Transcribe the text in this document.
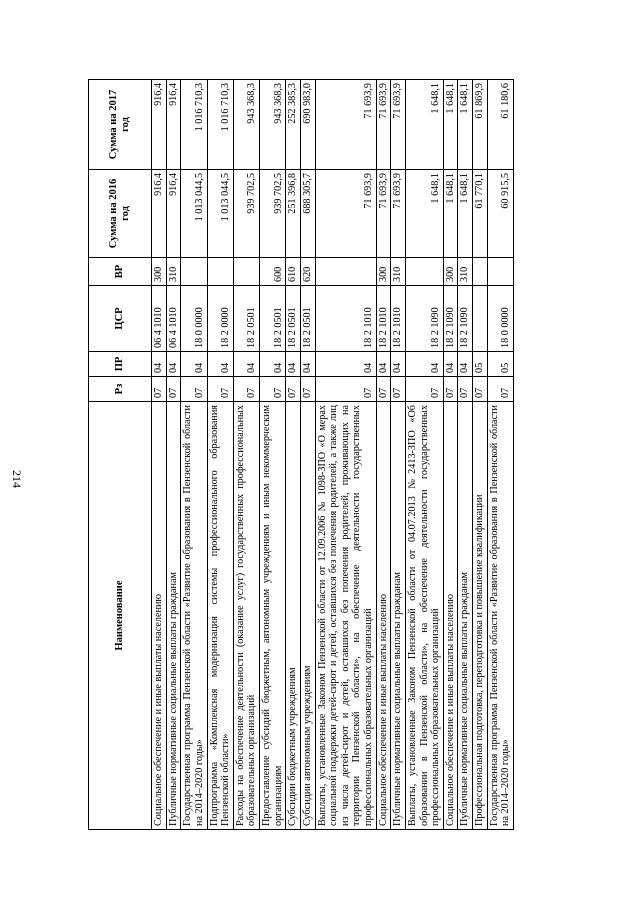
214
Наименование	Рз	ПР	ЦСР	ВР	Сумма на 2016 год	Сумма на 2017 год
Социальное обеспечение и иные выплаты населению	07	04	06 4 1010	300	916,4	916,4
Публичные нормативные социальные выплаты гражданам	07	04	06 4 1010	310	916,4	916,4
Государственная программа Пензенской области «Развитие образования в Пензенской области на 2014–2020 годы»	07	04	18 0 0000		1 013 044,5	1 016 710,3
Подпрограмма «Комплексная модернизация системы профессионального образования Пензенской области»	07	04	18 2 0000		1 013 044,5	1 016 710,3
Расходы на обеспечение деятельности (оказание услуг) государственных профессиональных образовательных организаций	07	04	18 2 0501		939 702,5	943 368,3
Предоставление субсидий бюджетным, автономным учреждениям и иным некоммерческим организациям	07	04	18 2 0501	600	939 702,5	943 368,3
Субсидии бюджетным учреждениям	07	04	18 2 0501	610	251 396,8	252 385,3
Субсидии автономным учреждениям	07	04	18 2 0501	620	688 305,7	690 983,0
Выплаты, установленные Законом Пензенской области от 12.09.2006 № 1098-ЗПО «О мерах социальной поддержки детей-сирот и детей, оставшихся без попечения родителей, а также лиц из числа детей-сирот и детей, оставшихся без попечения родителей, проживающих на территории Пензенской области», на обеспечение деятельности государственных профессиональных образовательных организаций	07	04	18 2 1010		71 693,9	71 693,9
Социальное обеспечение и иные выплаты населению	07	04	18 2 1010	300	71 693,9	71 693,9
Публичные нормативные социальные выплаты гражданам	07	04	18 2 1010	310	71 693,9	71 693,9
Выплаты, установленные Законом Пензенской области от 04.07.2013 №2413-ЗПО «Об образовании в Пензенской области», на обеспечение деятельности государственных профессиональных образовательных организаций	07	04	18 2 1090		1 648,1	1 648,1
Социальное обеспечение и иные выплаты населению	07	04	18 2 1090	300	1 648,1	1 648,1
Публичные нормативные социальные выплаты гражданам	07	04	18 2 1090	310	1 648,1	1 648,1
Профессиональная подготовка, переподготовка и повышение квалификации	07	05			61 770,1	61 869,9
Государственная программа Пензенской области «Развитие образования в Пензенской области на 2014–2020 годы»	07	05	18 0 0000		60 915,5	61 180,6
